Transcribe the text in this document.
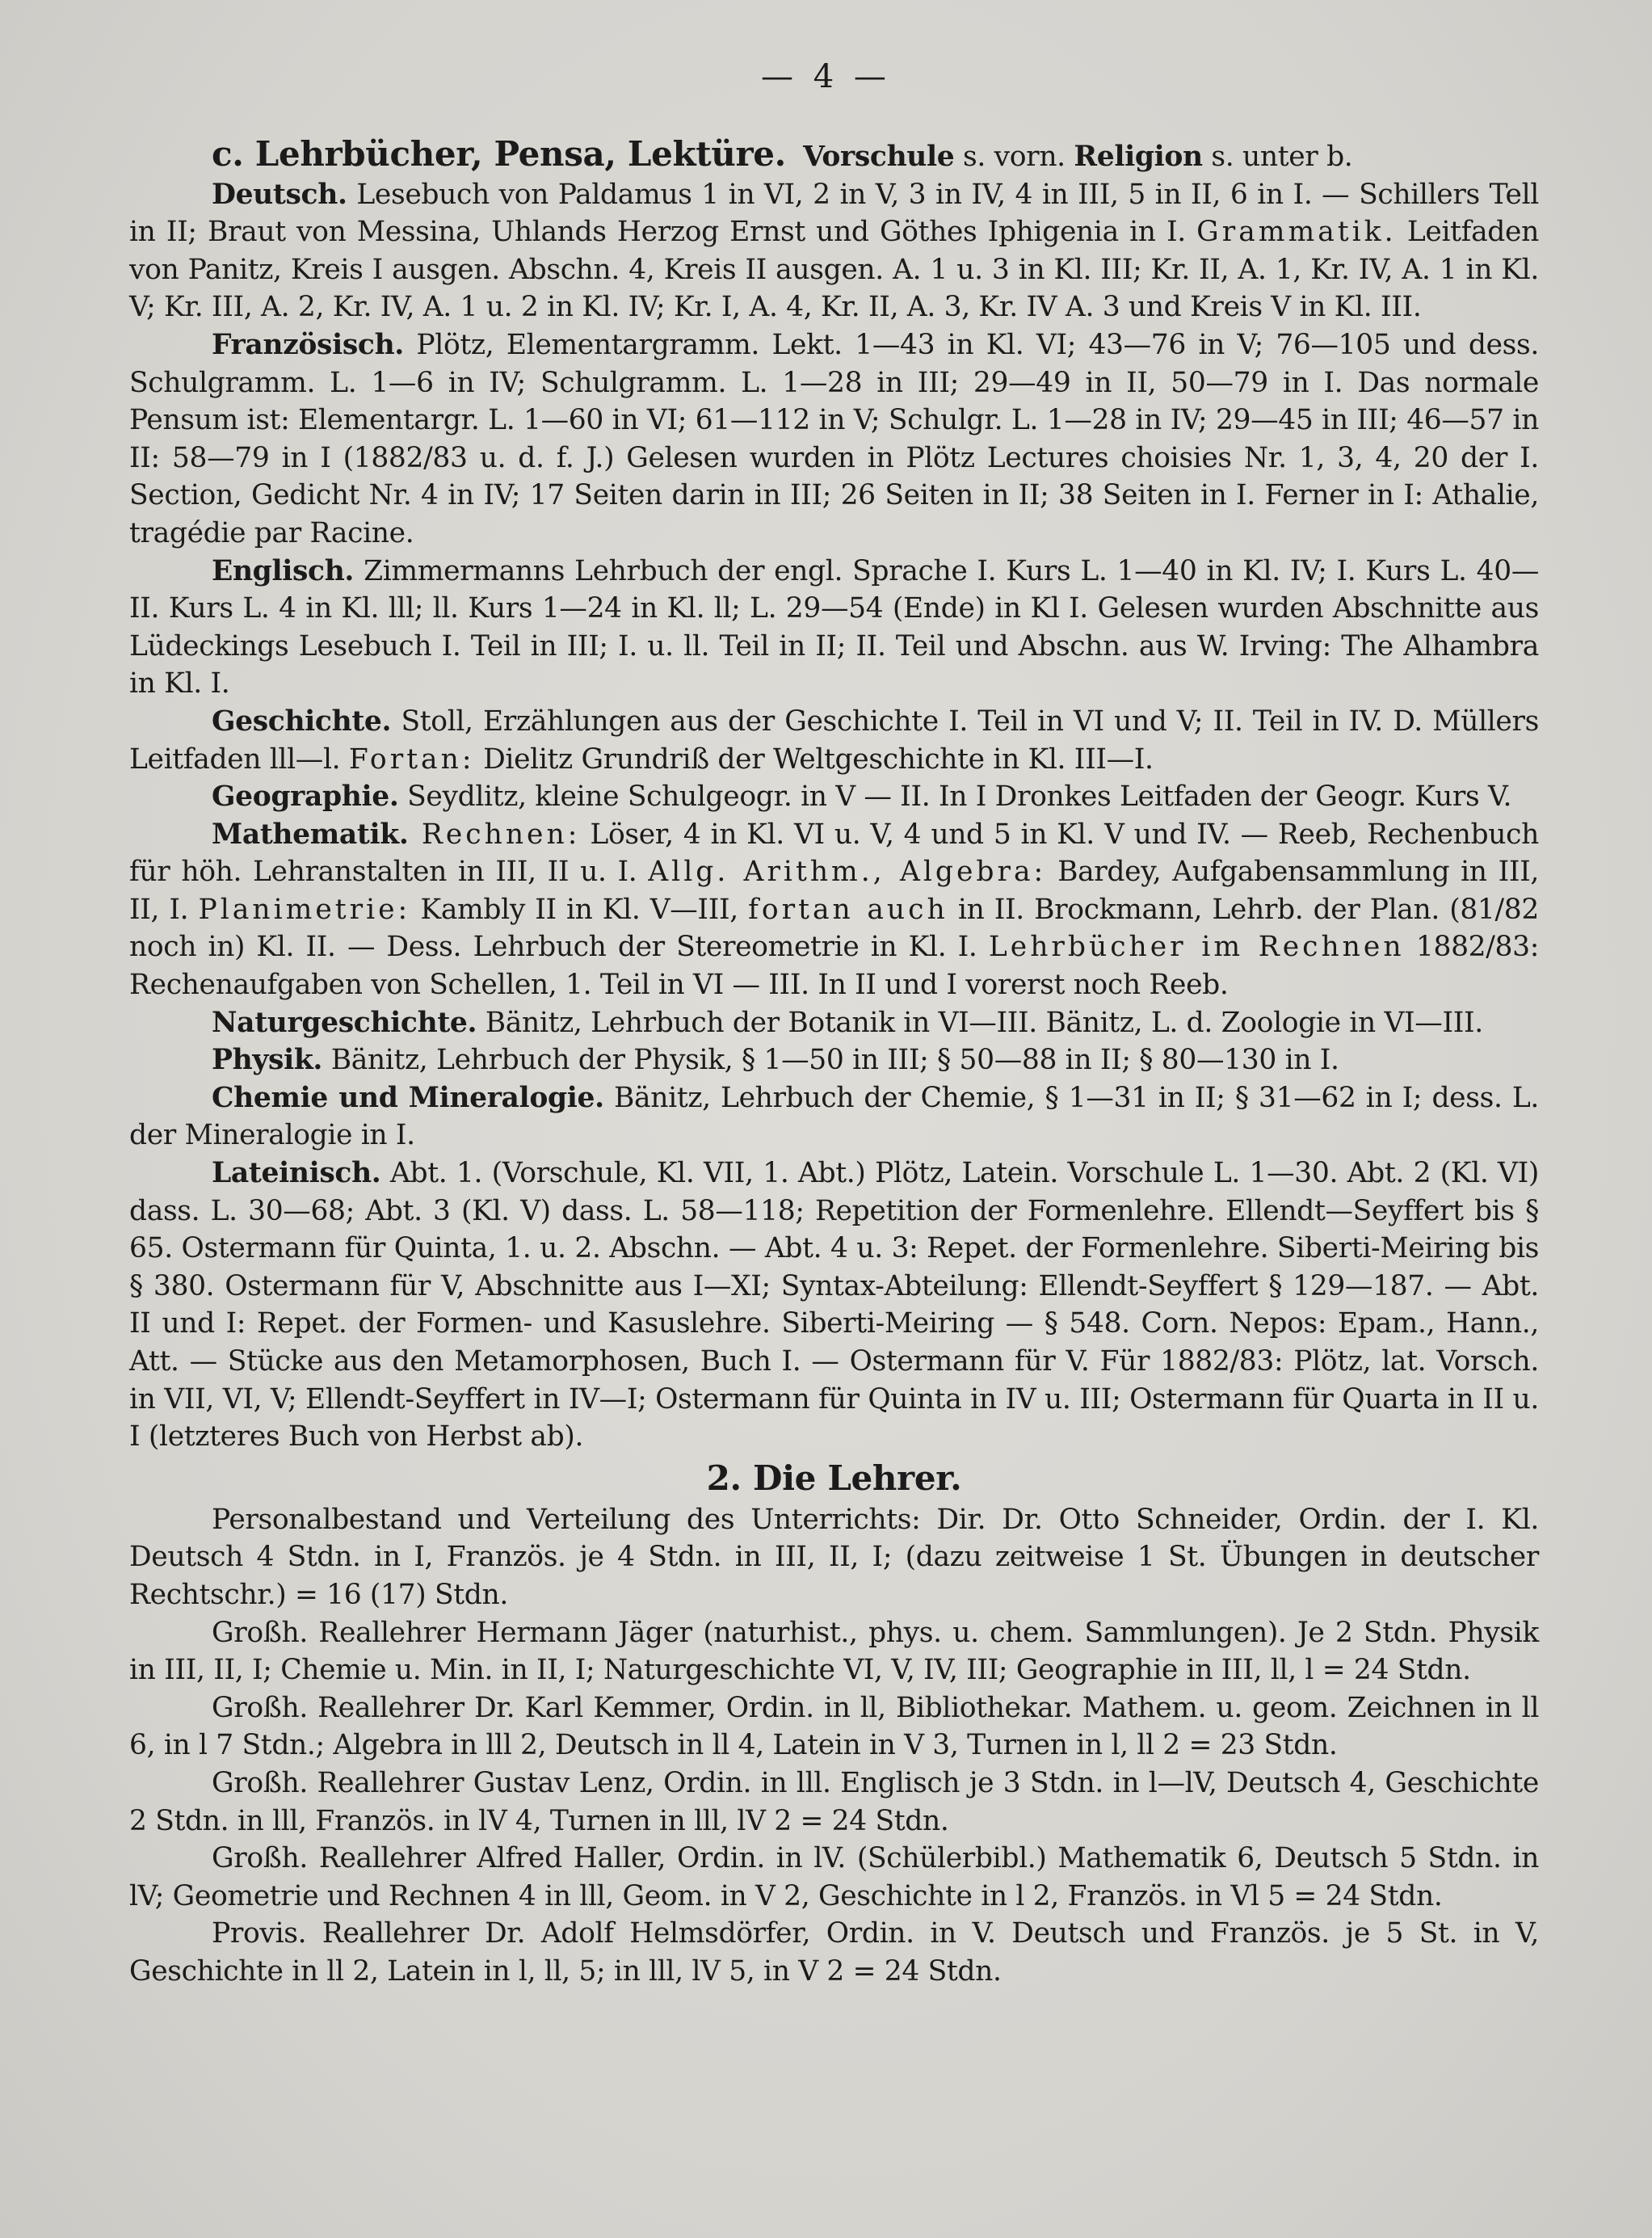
— 4 —

c. Lehrbücher, Pensa, Lektüre. Vorschule s. vorn. Religion s. unter b.

Deutsch. Lesebuch von Paldamus 1 in VI, 2 in V, 3 in IV, 4 in III, 5 in II, 6 in I. — Schillers Tell in II; Braut von Messina, Uhlands Herzog Ernst und Göthes Iphigenia in I. Grammatik. Leitfaden von Panitz, Kreis I ausgen. Abschn. 4, Kreis II ausgen. A. 1 u. 3 in Kl. III; Kr. II, A. 1, Kr. IV, A. 1 in Kl. V; Kr. III, A. 2, Kr. IV, A. 1 u. 2 in Kl. IV; Kr. I, A. 4, Kr. II, A. 3, Kr. IV A. 3 und Kreis V in Kl. III.

Französisch. Plötz, Elementargramm. Lekt. 1—43 in Kl. VI; 43—76 in V; 76—105 und dess. Schulgramm. L. 1—6 in IV; Schulgramm. L. 1—28 in III; 29—49 in II, 50—79 in I. Das normale Pensum ist: Elementargr. L. 1—60 in VI; 61—112 in V; Schulgr. L. 1—28 in IV; 29—45 in III; 46—57 in II: 58—79 in I (1882/83 u. d. f. J.) Gelesen wurden in Plötz Lectures choisies Nr. 1, 3, 4, 20 der I. Section, Gedicht Nr. 4 in IV; 17 Seiten darin in III; 26 Seiten in II; 38 Seiten in I. Ferner in I: Athalie, tragédie par Racine.

Englisch. Zimmermanns Lehrbuch der engl. Sprache I. Kurs L. 1—40 in Kl. IV; I. Kurs L. 40—II. Kurs L. 4 in Kl. lll; ll. Kurs 1—24 in Kl. ll; L. 29—54 (Ende) in Kl I. Gelesen wurden Abschnitte aus Lüdeckings Lesebuch I. Teil in III; I. u. ll. Teil in II; II. Teil und Abschn. aus W. Irving: The Alhambra in Kl. I.

Geschichte. Stoll, Erzählungen aus der Geschichte I. Teil in VI und V; II. Teil in IV. D. Müllers Leitfaden lll—l. Fortan: Dielitz Grundriß der Weltgeschichte in Kl. III—I.

Geographie. Seydlitz, kleine Schulgeogr. in V — II. In I Dronkes Leitfaden der Geogr. Kurs V.

Mathematik. Rechnen: Löser, 4 in Kl. VI u. V, 4 und 5 in Kl. V und IV. — Reeb, Rechenbuch für höh. Lehranstalten in III, II u. I. Allg. Arithm., Algebra: Bardey, Aufgabensammlung in III, II, I. Planimetrie: Kambly II in Kl. V—III, fortan auch in II. Brockmann, Lehrb. der Plan. (81/82 noch in) Kl. II. — Dess. Lehrbuch der Stereometrie in Kl. I. Lehrbücher im Rechnen 1882/83: Rechenaufgaben von Schellen, 1. Teil in VI — III. In II und I vorerst noch Reeb.

Naturgeschichte. Bänitz, Lehrbuch der Botanik in VI—III. Bänitz, L. d. Zoologie in VI—III.

Physik. Bänitz, Lehrbuch der Physik, § 1—50 in III; § 50—88 in II; § 80—130 in I.

Chemie und Mineralogie. Bänitz, Lehrbuch der Chemie, § 1—31 in II; § 31—62 in I; dess. L. der Mineralogie in I.

Lateinisch. Abt. 1. (Vorschule, Kl. VII, 1. Abt.) Plötz, Latein. Vorschule L. 1—30. Abt. 2 (Kl. VI) dass. L. 30—68; Abt. 3 (Kl. V) dass. L. 58—118; Repetition der Formenlehre. Ellendt—Seyffert bis § 65. Ostermann für Quinta, 1. u. 2. Abschn. — Abt. 4 u. 3: Repet. der Formenlehre. Siberti-Meiring bis § 380. Ostermann für V, Abschnitte aus I—XI; Syntax-Abteilung: Ellendt-Seyffert § 129—187. — Abt. II und I: Repet. der Formen- und Kasuslehre. Siberti-Meiring — § 548. Corn. Nepos: Epam., Hann., Att. — Stücke aus den Metamorphosen, Buch I. — Ostermann für V. Für 1882/83: Plötz, lat. Vorsch. in VII, VI, V; Ellendt-Seyffert in IV—I; Ostermann für Quinta in IV u. III; Ostermann für Quarta in II u. I (letzteres Buch von Herbst ab).

2. Die Lehrer.

Personalbestand und Verteilung des Unterrichts: Dir. Dr. Otto Schneider, Ordin. der I. Kl. Deutsch 4 Stdn. in I, Französ. je 4 Stdn. in III, II, I; (dazu zeitweise 1 St. Übungen in deutscher Rechtschr.) = 16 (17) Stdn.

Großh. Reallehrer Hermann Jäger (naturhist., phys. u. chem. Sammlungen). Je 2 Stdn. Physik in III, II, I; Chemie u. Min. in II, I; Naturgeschichte VI, V, IV, III; Geographie in III, ll, l = 24 Stdn.

Großh. Reallehrer Dr. Karl Kemmer, Ordin. in ll, Bibliothekar. Mathem. u. geom. Zeichnen in ll 6, in l 7 Stdn.; Algebra in lll 2, Deutsch in ll 4, Latein in V 3, Turnen in l, ll 2 = 23 Stdn.

Großh. Reallehrer Gustav Lenz, Ordin. in lll. Englisch je 3 Stdn. in l—lV, Deutsch 4, Geschichte 2 Stdn. in lll, Französ. in lV 4, Turnen in lll, lV 2 = 24 Stdn.

Großh. Reallehrer Alfred Haller, Ordin. in lV. (Schülerbibl.) Mathematik 6, Deutsch 5 Stdn. in lV; Geometrie und Rechnen 4 in lll, Geom. in V 2, Geschichte in l 2, Französ. in Vl 5 = 24 Stdn.

Provis. Reallehrer Dr. Adolf Helmsdörfer, Ordin. in V. Deutsch und Französ. je 5 St. in V, Geschichte in ll 2, Latein in l, ll, 5; in lll, lV 5, in V 2 = 24 Stdn.
